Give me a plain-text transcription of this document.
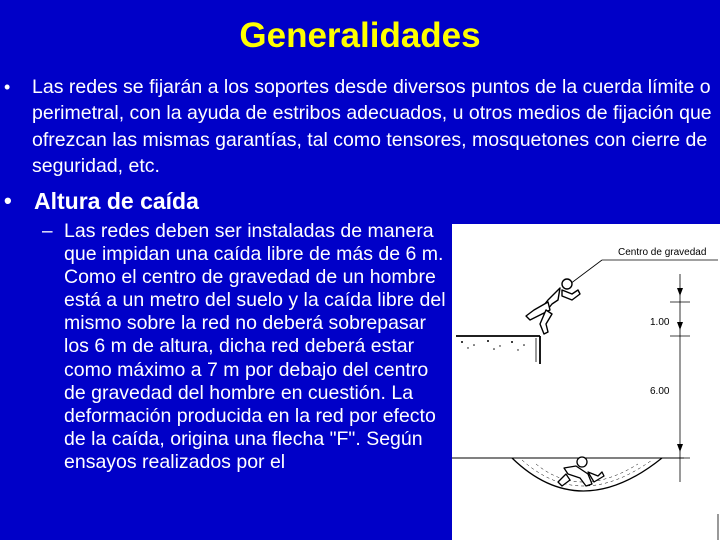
Generalidades
• Las redes se fijarán a los soportes desde diversos puntos de la cuerda límite o perimetral, con la ayuda de estribos adecuados, u otros medios de fijación que ofrezcan las mismas garantías, tal como tensores, mosquetones con cierre de seguridad, etc.
• Altura de caída
– Las redes deben ser instaladas de manera que impidan una caída libre de más de 6 m. Como el centro de gravedad de un hombre está a un metro del suelo y la caída libre del mismo sobre la red no deberá sobrepasar los 6 m de altura, dicha red deberá estar como máximo a 7 m por debajo del centro de gravedad del hombre en cuestión. La deformación producida en la red por efecto de la caída, origina una flecha "F". Según ensayos realizados por el
Centro de gravedad
1.00
6.00
